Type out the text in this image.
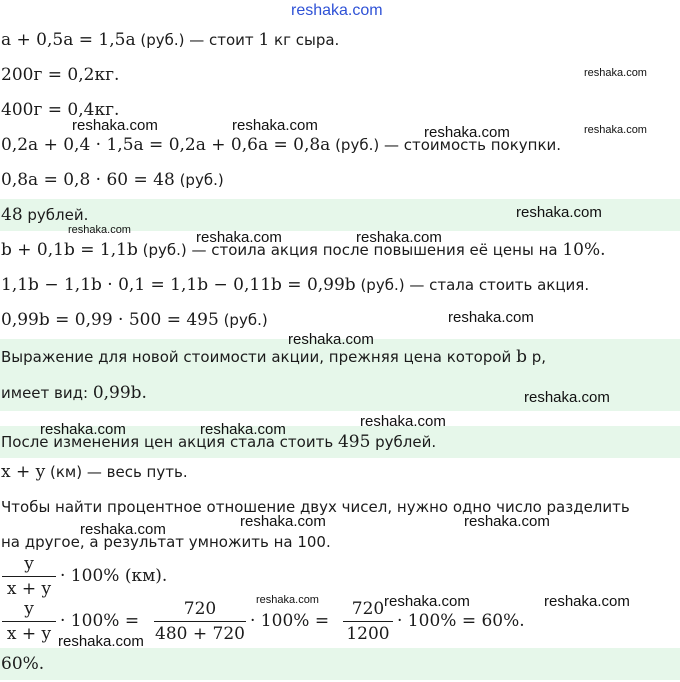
a + 0,5a = 1,5a (руб.) — стоит 1 кг сыра.
200г = 0,2кг.
400г = 0,4кг.
0,2a + 0,4 · 1,5a = 0,2a + 0,6a = 0,8a (руб.) — стоимость покупки.
0,8a = 0,8 · 60 = 48 (руб.)
48 рублей.
b + 0,1b = 1,1b (руб.) — стоила акция после повышения её цены на 10%.
1,1b − 1,1b · 0,1 = 1,1b − 0,11b = 0,99b (руб.) — стала стоить акция.
0,99b = 0,99 · 500 = 495 (руб.)
Выражение для новой стоимости акции, прежняя цена которой b р,
имеет вид: 0,99b.
После изменения цен акция стала стоить 495 рублей.
x + y (км) — весь путь.
Чтобы найти процентное отношение двух чисел, нужно одно число разделить
на другое, а результат умножить на 100.
y
x + y
· 100% (км).
y
x + y
· 100% =
720
480 + 720
· 100% =
720
1200
· 100% = 60%.
60%.
reshaka.com
reshaka.com
reshaka.com	reshaka.com	reshaka.com	reshaka.com
reshaka.com
reshaka.com	reshaka.com	reshaka.com
reshaka.com
reshaka.com
reshaka.com
reshaka.com	reshaka.com	reshaka.com
reshaka.com	reshaka.com
reshaka.com
reshaka.com	reshaka.com	reshaka.com
reshaka.com
